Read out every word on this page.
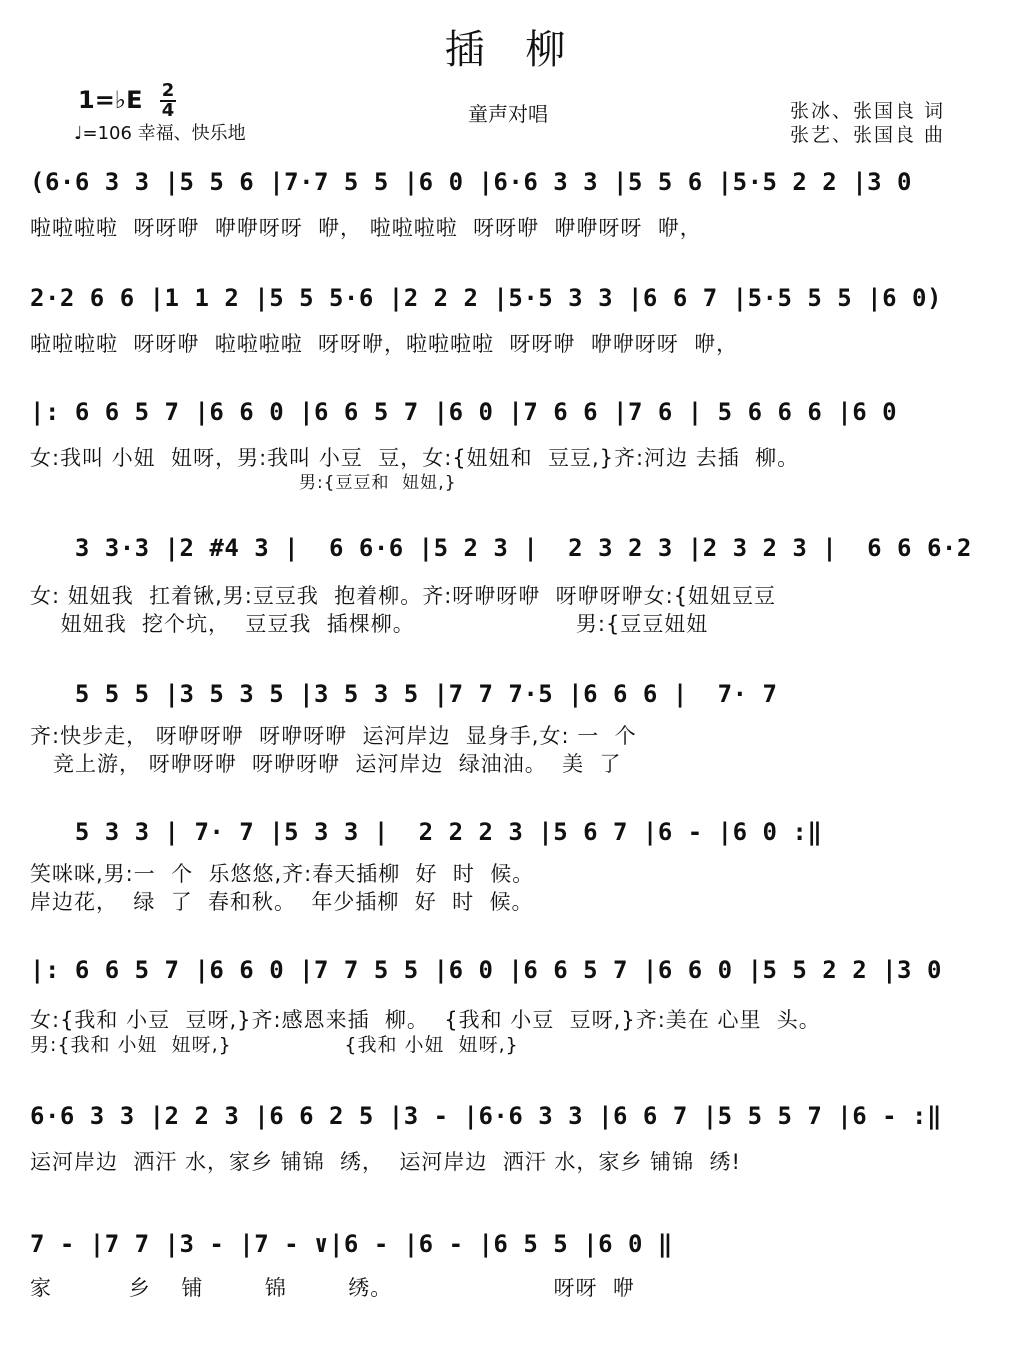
插 柳
1=♭E 2
4
♩=106 幸福、快乐地
童声对唱	张冰、张国良 词
张艺、张国良 曲
(6·6 3 3 |5 5 6 |7·7 5 5 |6 0 |6·6 3 3 |5 5 6 |5·5 2 2 |3 0
啦啦啦啦  呀呀咿  咿咿呀呀  咿， 啦啦啦啦  呀呀咿  咿咿呀呀  咿，
2·2 6 6 |1 1 2 |5 5 5·6 |2 2 2 |5·5 3 3 |6 6 7 |5·5 5 5 |6 0)
啦啦啦啦  呀呀咿  啦啦啦啦  呀呀咿，啦啦啦啦  呀呀咿  咿咿呀呀  咿，
|: 6 6 5 7 |6 6 0 |6 6 5 7 |6 0 |7 6 6 |7 6 | 5 6 6 6 |6 0
女:我叫 小妞  妞呀，男:我叫 小豆  豆，女:{妞妞和  豆豆,}齐:河边 去插  柳。
男:{豆豆和  妞妞,}
3 3·3 |2 #4 3 |  6 6·6 |5 2 3 |  2 3 2 3 |2 3 2 3 |  6 6 6·2
女: 妞妞我  扛着锹,男:豆豆我  抱着柳。齐:呀咿呀咿  呀咿呀咿女:{妞妞豆豆
妞妞我  挖个坑，  豆豆我  插棵柳。                     男:{豆豆妞妞
5 5 5 |3 5 3 5 |3 5 3 5 |7 7 7·5 |6 6 6 |  7· 7
齐:快步走， 呀咿呀咿  呀咿呀咿  运河岸边  显身手,女: 一  个
竞上游， 呀咿呀咿  呀咿呀咿  运河岸边  绿油油。  美  了
5 3 3 | 7· 7 |5 3 3 |  2 2 2 3 |5 6 7 |6 - |6 0 :‖
笑咪咪,男:一  个  乐悠悠,齐:春天插柳  好  时  候。
岸边花，  绿  了  春和秋。  年少插柳  好  时  候。
|: 6 6 5 7 |6 6 0 |7 7 5 5 |6 0 |6 6 5 7 |6 6 0 |5 5 2 2 |3 0
女:{我和 小豆  豆呀,}齐:感恩来插  柳。  {我和 小豆  豆呀,}齐:美在 心里  头。
男:{我和 小妞  妞呀,}                {我和 小妞  妞呀,}
6·6 3 3 |2 2 3 |6 6 2 5 |3 - |6·6 3 3 |6 6 7 |5 5 5 7 |6 - :‖
运河岸边  洒汗 水，家乡 铺锦  绣，  运河岸边  洒汗 水，家乡 铺锦  绣!
7 - |7 7 |3 - |7 - ∨|6 - |6 - |6 5 5 |6 0 ‖
家          乡    铺        锦        绣。                     呀呀  咿
